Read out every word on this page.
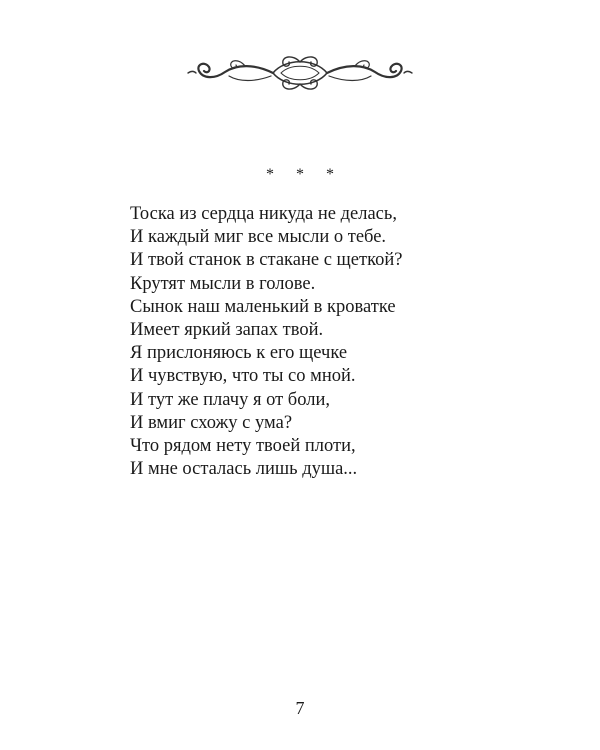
* * *
Тоска из сердца никуда не делась,
И каждый миг все мысли о тебе.
И твой станок в стакане с щеткой?
Крутят мысли в голове.
Сынок наш маленький в кроватке
Имеет яркий запах твой.
Я прислоняюсь к его щечке
И чувствую, что ты со мной.
И тут же плачу я от боли,
И вмиг схожу с ума?
Что рядом нету твоей плоти,
И мне осталась лишь душа...
7
